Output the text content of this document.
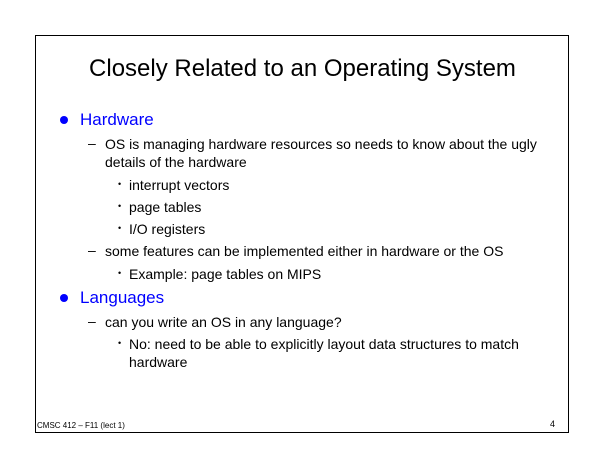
Closely Related to an Operating System
Hardware
– OS is managing hardware resources so needs to know about the ugly details of the hardware
• interrupt vectors
• page tables
• I/O registers
– some features can be implemented either in hardware or the OS
• Example: page tables on MIPS
Languages
– can you write an OS in any language?
• No: need to be able to explicitly layout data structures to match hardware
CMSC 412 – F11 (lect 1)	4
